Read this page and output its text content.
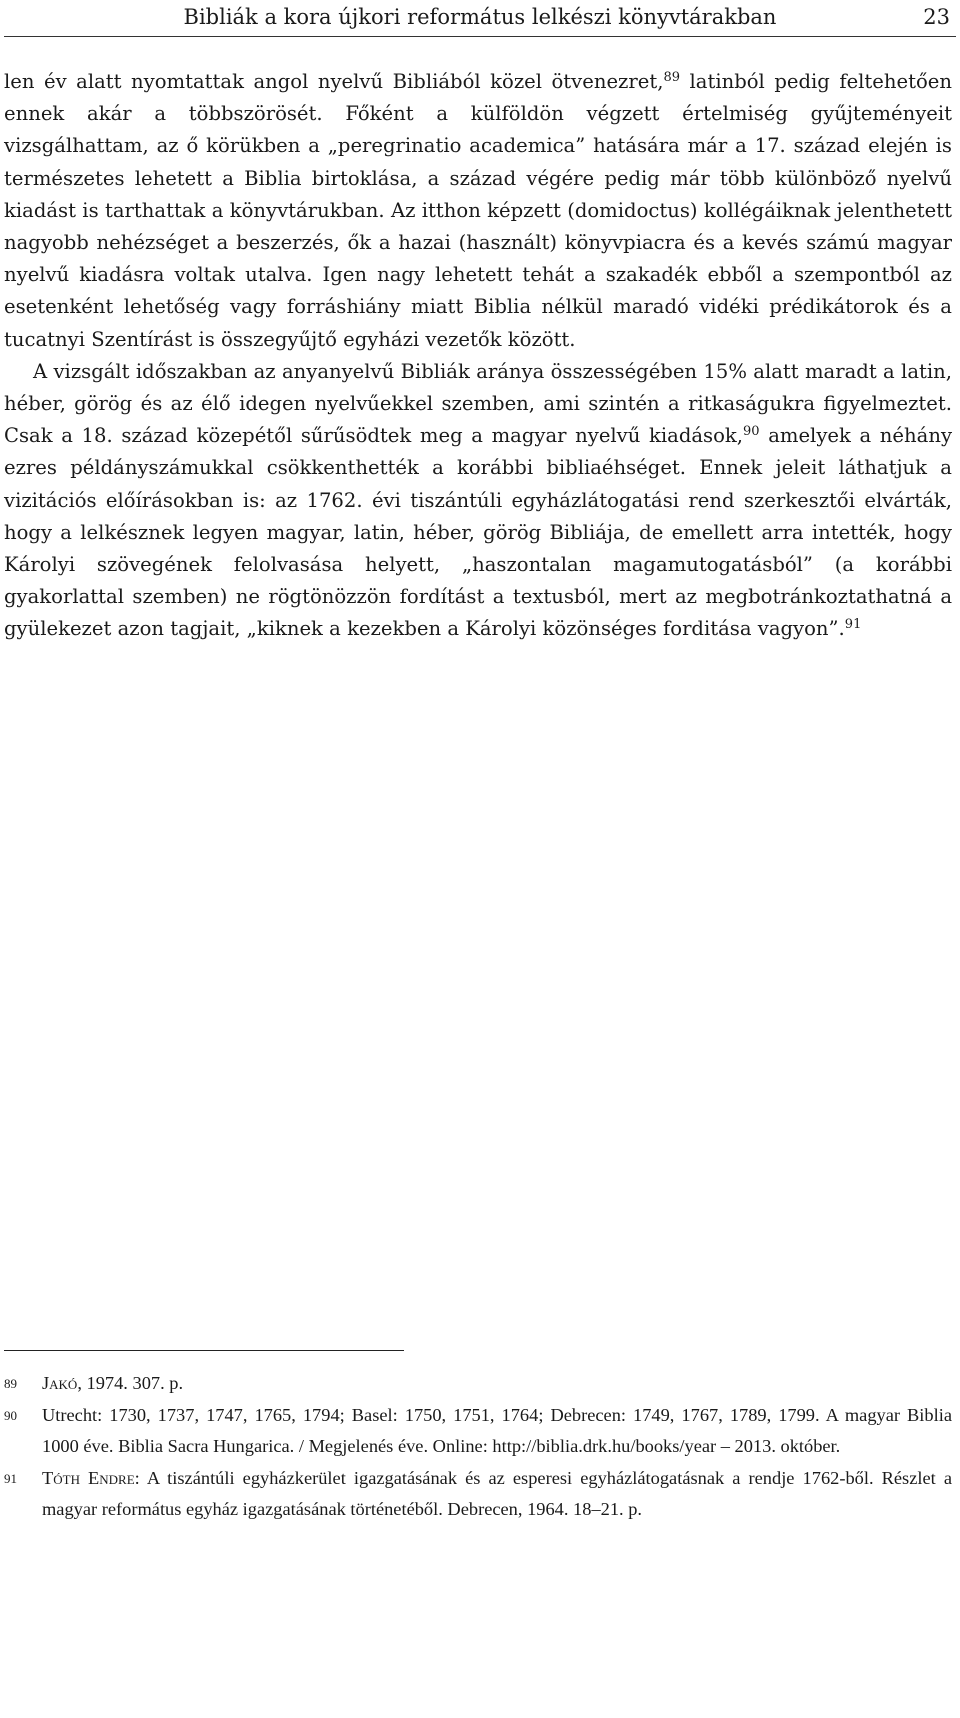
Bibliák a kora újkori református lelkészi könyvtárakban	23

len év alatt nyomtattak angol nyelvű Bibliából közel ötvenezret,$^{89}$ latinból pedig feltehetően ennek akár a többszörösét. Főként a külföldön végzett értelmiség gyűjteményeit vizsgálhattam, az ő körükben a „peregrinatio academica” hatására már a 17. század elején is természetes lehetett a Biblia birtoklása, a század végére pedig már több különböző nyelvű kiadást is tarthattak a könyvtárukban. Az itthon képzett (domidoctus) kollégáiknak jelenthetett nagyobb nehézséget a beszerzés, ők a hazai (használt) könyvpiacra és a kevés számú magyar nyelvű kiadásra voltak utalva. Igen nagy lehetett tehát a szakadék ebből a szempontból az esetenként lehetőség vagy forráshiány miatt Biblia nélkül maradó vidéki prédikátorok és a tucatnyi Szentírást is összegyűjtő egyházi vezetők között.

A vizsgált időszakban az anyanyelvű Bibliák aránya összességében 15% alatt maradt a latin, héber, görög és az élő idegen nyelvűekkel szemben, ami szintén a ritkaságukra figyelmeztet. Csak a 18. század közepétől sűrűsödtek meg a magyar nyelvű kiadások,$^{90}$ amelyek a néhány ezres példányszámukkal csökkenthették a korábbi bibliaéhséget. Ennek jeleit láthatjuk a vizitációs előírásokban is: az 1762. évi tiszántúli egyházlátogatási rend szerkesztői elvárták, hogy a lelkésznek legyen magyar, latin, héber, görög Bibliája, de emellett arra intették, hogy Károlyi szövegének felolvasása helyett, „haszontalan magamutogatásból” (a korábbi gyakorlattal szemben) ne rögtönözzön fordítást a textusból, mert az megbotránkoztathatná a gyülekezet azon tagjait, „kiknek a kezekben a Károlyi közönséges forditása vagyon”.$^{91}$

89 Jakó, 1974. 307. p.

90 Utrecht: 1730, 1737, 1747, 1765, 1794; Basel: 1750, 1751, 1764; Debrecen: 1749, 1767, 1789, 1799. A magyar Biblia 1000 éve. Biblia Sacra Hungarica. / Megjelenés éve. Online: http://biblia.drk.hu/books/year – 2013. október.

91 Tóth Endre: A tiszántúli egyházkerület igazgatásának és az esperesi egyházlátogatásnak a rendje 1762-ből. Részlet a magyar református egyház igazgatásának történetéből. Debrecen, 1964. 18–21. p.
